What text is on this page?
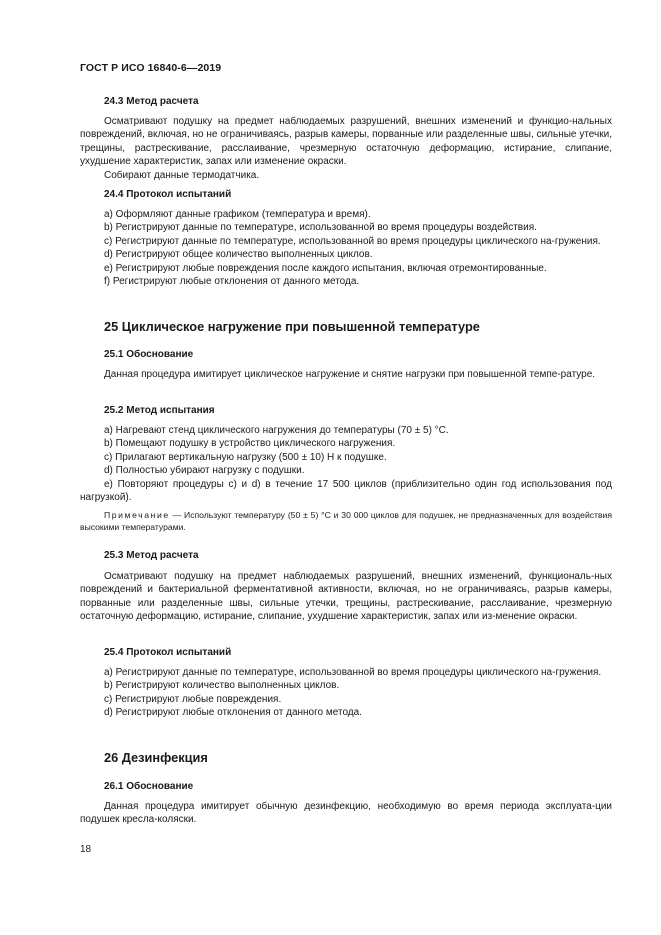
ГОСТ Р ИСО 16840-6—2019
24.3 Метод расчета
Осматривают подушку на предмет наблюдаемых разрушений, внешних изменений и функцио-нальных повреждений, включая, но не ограничиваясь, разрыв камеры, порванные или разделенные швы, сильные утечки, трещины, растрескивание, расслаивание, чрезмерную остаточную деформацию, истирание, слипание, ухудшение характеристик, запах или изменение окраски.
Собирают данные термодатчика.
24.4 Протокол испытаний
a) Оформляют данные графиком (температура и время).
b) Регистрируют данные по температуре, использованной во время процедуры воздействия.
c) Регистрируют данные по температуре, использованной во время процедуры циклического на-гружения.
d) Регистрируют общее количество выполненных циклов.
e) Регистрируют любые повреждения после каждого испытания, включая отремонтированные.
f) Регистрируют любые отклонения от данного метода.
25 Циклическое нагружение при повышенной температуре
25.1 Обоснование
Данная процедура имитирует циклическое нагружение и снятие нагрузки при повышенной темпе-ратуре.
25.2 Метод испытания
a) Нагревают стенд циклического нагружения до температуры (70 ± 5) °С.
b) Помещают подушку в устройство циклического нагружения.
c) Прилагают вертикальную нагрузку (500 ± 10) Н к подушке.
d) Полностью убирают нагрузку с подушки.
e) Повторяют процедуры c) и d) в течение 17 500 циклов (приблизительно один год использования под нагрузкой).
Примечание — Используют температуру (50 ± 5) °С и 30 000 циклов для подушек, не предназначенных для воздействия высокими температурами.
25.3 Метод расчета
Осматривают подушку на предмет наблюдаемых разрушений, внешних изменений, функциональ-ных повреждений и бактериальной ферментативной активности, включая, но не ограничиваясь, разрыв камеры, порванные или разделенные швы, сильные утечки, трещины, растрескивание, расслаивание, чрезмерную остаточную деформацию, истирание, слипание, ухудшение характеристик, запах или из-менение окраски.
25.4 Протокол испытаний
a) Регистрируют данные по температуре, использованной во время процедуры циклического на-гружения.
b) Регистрируют количество выполненных циклов.
c) Регистрируют любые повреждения.
d) Регистрируют любые отклонения от данного метода.
26 Дезинфекция
26.1 Обоснование
Данная процедура имитирует обычную дезинфекцию, необходимую во время периода эксплуата-ции подушек кресла-коляски.
18
